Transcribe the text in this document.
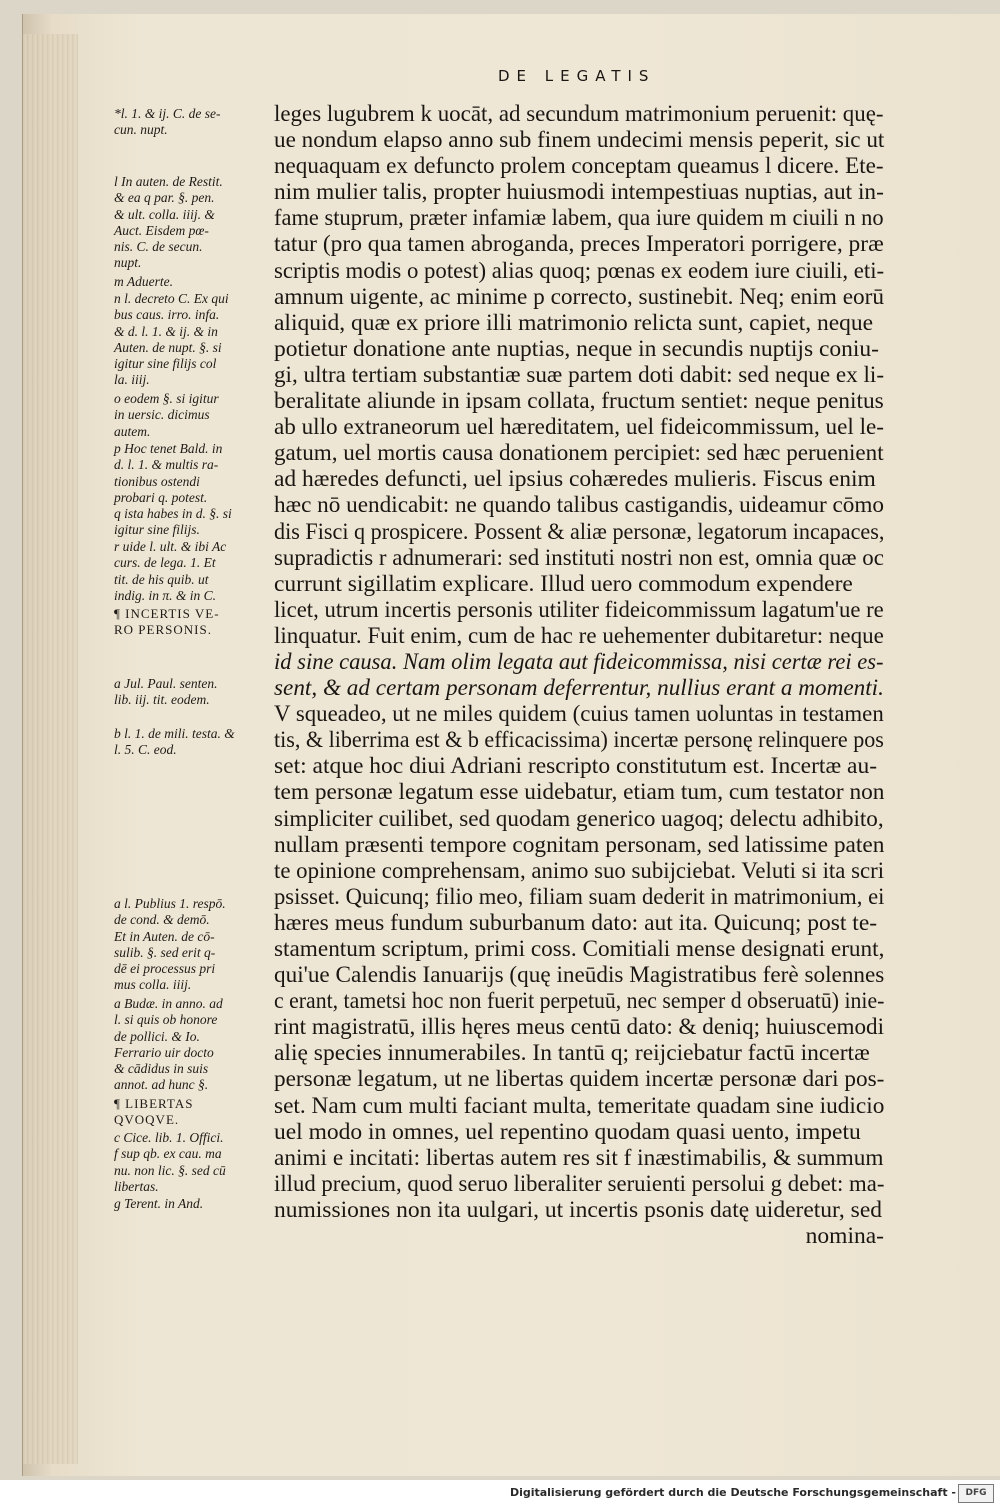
DE LEGATIS
*l. 1. & ij. C. de se-
cun. nupt.
l In auten. de Restit.
& ea q par. §. pen.
& ult. colla. iiij. &
Auct. Eisdem pœ-
nis. C. de secun.
nupt.
m Aduerte.
n l. decreto C. Ex qui
bus caus. irro. infa.
& d. l. 1. & ij. & in
Auten. de nupt. §. si
igitur sine filijs col
la. iiij.
o eodem §. si igitur
in uersic. dicimus
autem.
p Hoc tenet Bald. in
d. l. 1. & multis ra-
tionibus ostendi
probari q. potest.
q ista habes in d. §. si
igitur sine filijs.
r uide l. ult. & ibi Ac
curs. de lega. 1. Et
tit. de his quib. ut
indig. in π. & in C.
¶ INCERTIS VE-
RO PERSONIS.
a Jul. Paul. senten.
lib. iij. tit. eodem.
b l. 1. de mili. testa. &
l. 5. C. eod.
a l. Publius 1. respō.
de cond. & demō.
Et in Auten. de cō-
sulib. §. sed erit q-
dē ei processus pri
mus colla. iiij.
a Budæ. in anno. ad
l. si quis ob honore
de pollici. & Io.
Ferrario uir docto
& cādidus in suis
annot. ad hunc §.
¶ LIBERTAS
QVOQVE.
c Cice. lib. 1. Offici.
f sup qb. ex cau. ma
nu. non lic. §. sed cū
libertas.
g Terent. in And.
leges lugubrem k uocāt, ad secundum matrimonium peruenit: quę-
ue nondum elapso anno sub finem undecimi mensis peperit, sic ut
nequaquam ex defuncto prolem conceptam queamus l dicere. Ete-
nim mulier talis, propter huiusmodi intempestiuas nuptias, aut in-
fame stuprum, præter infamiæ labem, qua iure quidem m ciuili n no
tatur (pro qua tamen abroganda, preces Imperatori porrigere, præ
scriptis modis o potest) alias quoq; pœnas ex eodem iure ciuili, eti-
amnum uigente, ac minime p correcto, sustinebit. Neq; enim eorū
aliquid, quæ ex priore illi matrimonio relicta sunt, capiet, neque
potietur donatione ante nuptias, neque in secundis nuptijs coniu-
gi, ultra tertiam substantiæ suæ partem doti dabit: sed neque ex li-
beralitate aliunde in ipsam collata, fructum sentiet: neque penitus
ab ullo extraneorum uel hæreditatem, uel fideicommissum, uel le-
gatum, uel mortis causa donationem percipiet: sed hæc peruenient
ad hæredes defuncti, uel ipsius cohæredes mulieris. Fiscus enim
hæc nō uendicabit: ne quando talibus castigandis, uideamur cōmo
dis Fisci q prospicere. Possent & aliæ personæ, legatorum incapaces,
supradictis r adnumerari: sed instituti nostri non est, omnia quæ oc
currunt sigillatim explicare. Illud uero commodum expendere
licet, utrum incertis personis utiliter fideicommissum lagatum'ue re
linquatur. Fuit enim, cum de hac re uehementer dubitaretur: neque
id sine causa. Nam olim legata aut fideicommissa, nisi certæ rei es-
sent, & ad certam personam deferrentur, nullius erant a momenti.
V squeadeo, ut ne miles quidem (cuius tamen uoluntas in testamen
tis, & liberrima est & b efficacissima) incertæ personę relinquere pos
set: atque hoc diui Adriani rescripto constitutum est. Incertæ au-
tem personæ legatum esse uidebatur, etiam tum, cum testator non
simpliciter cuilibet, sed quodam generico uagoq; delectu adhibito,
nullam præsenti tempore cognitam personam, sed latissime paten
te opinione comprehensam, animo suo subijciebat. Veluti si ita scri
psisset. Quicunq; filio meo, filiam suam dederit in matrimonium, ei
hæres meus fundum suburbanum dato: aut ita. Quicunq; post te-
stamentum scriptum, primi coss. Comitiali mense designati erunt,
qui'ue Calendis Ianuarijs (quę ineūdis Magistratibus ferè solennes
c erant, tametsi hoc non fuerit perpetuū, nec semper d obseruatū) inie-
rint magistratū, illis hęres meus centū dato: & deniq; huiuscemodi
alię species innumerabiles. In tantū q; reijciebatur factū incertæ
personæ legatum, ut ne libertas quidem incertæ personæ dari pos-
set. Nam cum multi faciant multa, temeritate quadam sine iudicio
uel modo in omnes, uel repentino quodam quasi uento, impetu
animi e incitati: libertas autem res sit f inæstimabilis, & summum
illud precium, quod seruo liberaliter seruienti persolui g debet: ma-
numissiones non ita uulgari, ut incertis psonis datę uideretur, sed
nomina-
Digitalisierung gefördert durch die Deutsche Forschungsgemeinschaft -	DFG
